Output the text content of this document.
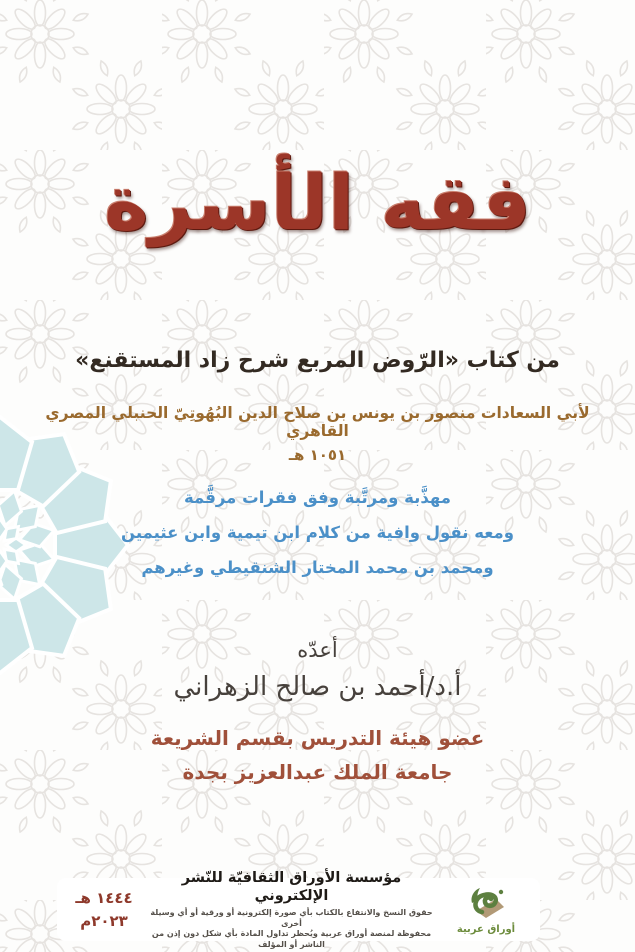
فقه الأسرة
من كتاب «الرّوض المربع شرح زاد المستقنع»
لأبي السعادات منصور بن يونس بن صلاح الدين البُهُوتِيّ الحنبلي المصري القاهري
١٠٥١ هـ
مهذَّبة ومرتَّبة وفق فقرات مرقَّمة
ومعه نقول وافية من كلام ابن تيمية وابن عثيمين
ومحمد بن محمد المختار الشنقيطي وغيرهم
أعدّه
أ.د/أحمد بن صالح الزهراني
عضو هيئة التدريس بقسم الشريعة
جامعة الملك عبدالعزيز بجدة
أوراق عربية
مؤسسة الأوراق الثقافيّة للنّشر الإلكتروني
حقوق النسخ والانتفاع بالكتاب بأي صورة إلكترونية أو ورقية أو أي وسيلة أخرى
محفوظة لمنصة أوراق عربية ويُحظر تداول المادة بأي شكل دون إذن من الناشر أو المؤلف
١٤٤٤ هـ
٢٠٢٣م
